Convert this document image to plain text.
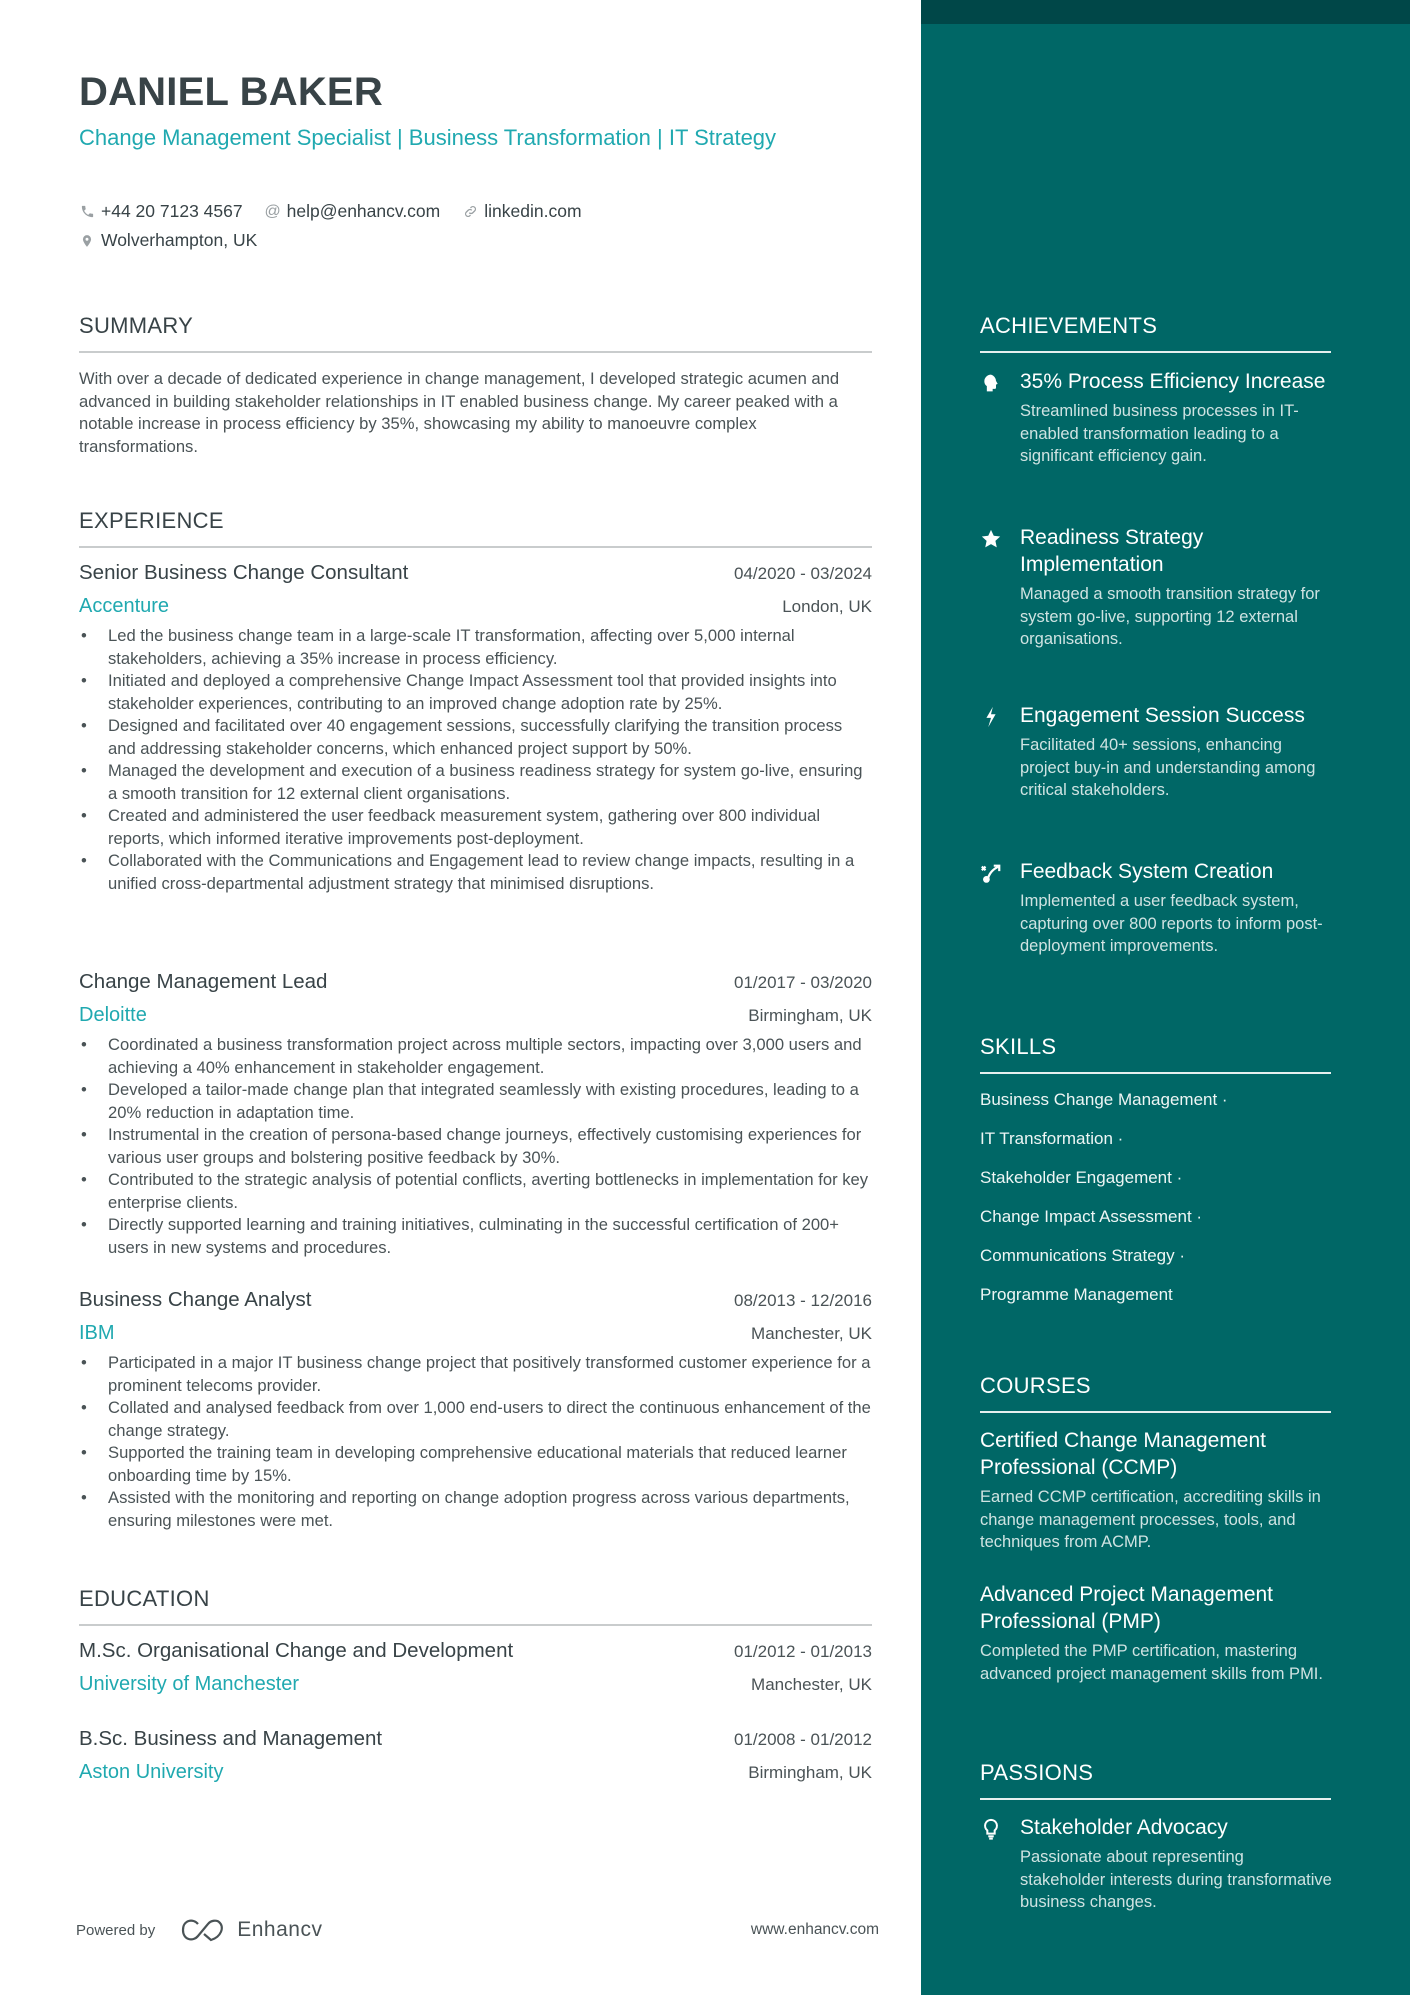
DANIEL BAKER
Change Management Specialist | Business Transformation | IT Strategy
+44 20 7123 4567 @ help@enhancv.com	linkedin.com
Wolverhampton, UK
SUMMARY
With over a decade of dedicated experience in change management, I developed strategic acumen and advanced in building stakeholder relationships in IT enabled business change. My career peaked with a notable increase in process efficiency by 35%, showcasing my ability to manoeuvre complex transformations.
EXPERIENCE
Senior Business Change Consultant	04/2020 - 03/2024
Accenture	London, UK
• Led the business change team in a large-scale IT transformation, affecting over 5,000 internal stakeholders, achieving a 35% increase in process efficiency.
• Initiated and deployed a comprehensive Change Impact Assessment tool that provided insights into stakeholder experiences, contributing to an improved change adoption rate by 25%.
• Designed and facilitated over 40 engagement sessions, successfully clarifying the transition process and addressing stakeholder concerns, which enhanced project support by 50%.
• Managed the development and execution of a business readiness strategy for system go-live, ensuring a smooth transition for 12 external client organisations.
• Created and administered the user feedback measurement system, gathering over 800 individual reports, which informed iterative improvements post-deployment.
• Collaborated with the Communications and Engagement lead to review change impacts, resulting in a unified cross-departmental adjustment strategy that minimised disruptions.
Change Management Lead	01/2017 - 03/2020
Deloitte	Birmingham, UK
• Coordinated a business transformation project across multiple sectors, impacting over 3,000 users and achieving a 40% enhancement in stakeholder engagement.
• Developed a tailor-made change plan that integrated seamlessly with existing procedures, leading to a 20% reduction in adaptation time.
• Instrumental in the creation of persona-based change journeys, effectively customising experiences for various user groups and bolstering positive feedback by 30%.
• Contributed to the strategic analysis of potential conflicts, averting bottlenecks in implementation for key enterprise clients.
• Directly supported learning and training initiatives, culminating in the successful certification of 200+ users in new systems and procedures.
Business Change Analyst	08/2013 - 12/2016
IBM	Manchester, UK
• Participated in a major IT business change project that positively transformed customer experience for a prominent telecoms provider.
• Collated and analysed feedback from over 1,000 end-users to direct the continuous enhancement of the change strategy.
• Supported the training team in developing comprehensive educational materials that reduced learner onboarding time by 15%.
• Assisted with the monitoring and reporting on change adoption progress across various departments, ensuring milestones were met.
EDUCATION
M.Sc. Organisational Change and Development	01/2012 - 01/2013
University of Manchester	Manchester, UK
B.Sc. Business and Management	01/2008 - 01/2012
Aston University	Birmingham, UK
Powered by	Enhancv	www.enhancv.com
ACHIEVEMENTS
35% Process Efficiency Increase
Streamlined business processes in IT-enabled transformation leading to a significant efficiency gain.
Readiness Strategy Implementation
Managed a smooth transition strategy for system go-live, supporting 12 external organisations.
Engagement Session Success
Facilitated 40+ sessions, enhancing project buy-in and understanding among critical stakeholders.
Feedback System Creation
Implemented a user feedback system, capturing over 800 reports to inform post-deployment improvements.
SKILLS
Business Change Management ·
IT Transformation ·
Stakeholder Engagement ·
Change Impact Assessment ·
Communications Strategy ·
Programme Management
COURSES
Certified Change Management Professional (CCMP)
Earned CCMP certification, accrediting skills in change management processes, tools, and techniques from ACMP.
Advanced Project Management Professional (PMP)
Completed the PMP certification, mastering advanced project management skills from PMI.
PASSIONS
Stakeholder Advocacy
Passionate about representing stakeholder interests during transformative business changes.
